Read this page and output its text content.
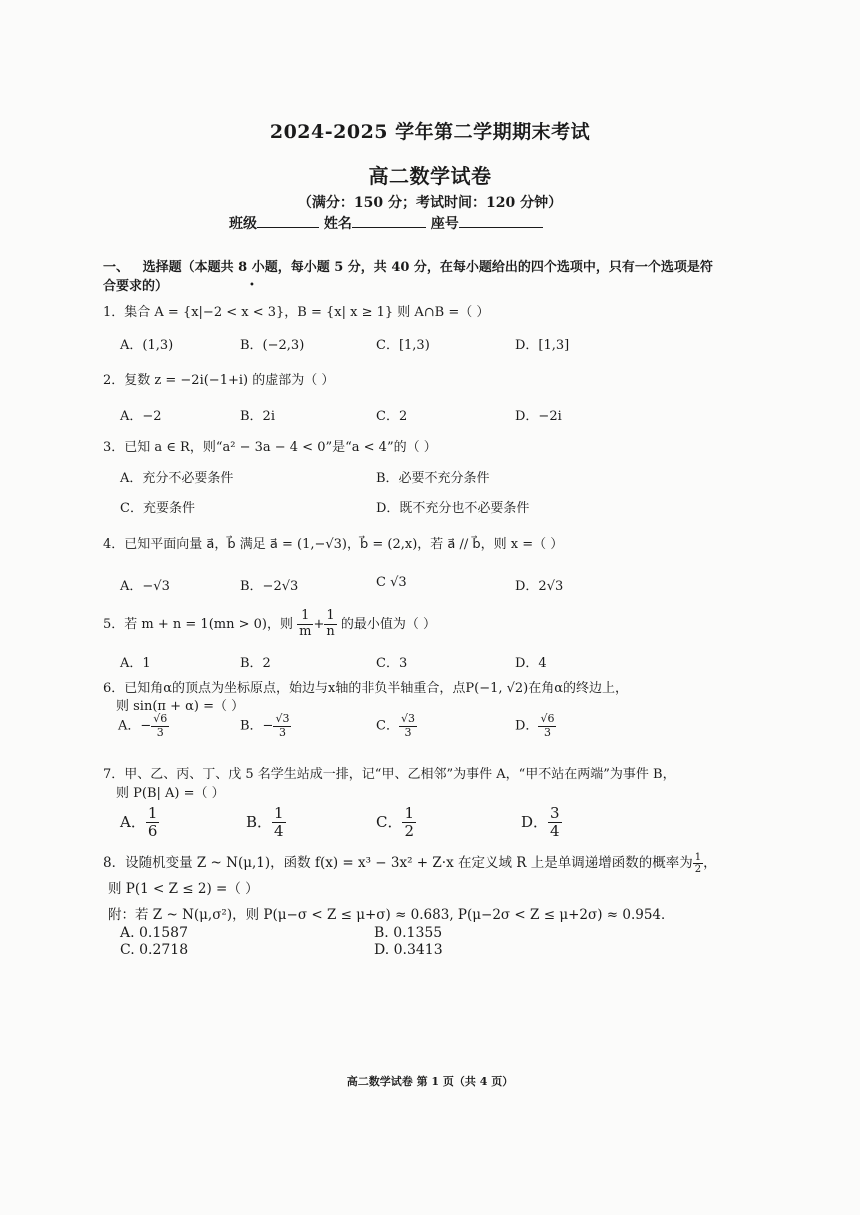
2024-2025 学年第二学期期末考试
高二数学试卷
（满分：150 分；考试时间：120 分钟）
班级	姓名	座号
一、 选择题（本题共 8 小题，每小题 5 分，共 40 分，在每小题给出的四个选项中，只有一个选项是符
合要求的）	•
1．集合 A = {x|−2 < x < 3}，B = {x| x ≥ 1} 则 A∩B =（ ）
A．(1,3)	B．(−2,3)	C．[1,3)	D．[1,3]
2．复数 z = −2i(−1+i) 的虚部为（ ）
A．−2	B．2i	C．2	D．−2i
3．已知 a ∈ R，则“a² − 3a − 4 < 0”是“a < 4”的（ ）
A．充分不必要条件	B．必要不充分条件
C．充要条件	D．既不充分也不必要条件
4．已知平面向量 a⃗，b⃗ 满足 a⃗ = (1,−√3)，b⃗ = (2,x)，若 a⃗ // b⃗，则 x =（ ）
A．−√3	B．−2√3	C √3	D．2√3
5．若 m + n = 1(mn > 0)，则 $\frac{1}{m} + \frac{1}{n}$ 的最小值为（ ）
A．1	B．2	C．3	D．4
6．已知角α的顶点为坐标原点，始边与x轴的非负半轴重合，点P(−1, √2)在角α的终边上，
则 sin(π + α) =（ ）
A．− $\frac{√6}{3}$	B．− $\frac{√3}{3}$	C． $\frac{√3}{3}$	D． $\frac{√6}{3}$
7．甲、乙、丙、丁、戊 5 名学生站成一排，记“甲、乙相邻”为事件 A，“甲不站在两端”为事件 B，
则 P(B| A) =（ ）
A． $\frac{1}{6}$	B． $\frac{1}{4}$	C． $\frac{1}{2}$	D． $\frac{3}{4}$
8．设随机变量 Z ~ N(μ,1)，函数 f(x) = x³ − 3x² + Z·x 在定义域 R 上是单调递增函数的概率为 $\frac{1}{2}$ ，
则 P(1 < Z ≤ 2) =（ ）
附：若 Z ~ N(μ,σ²)，则 P(μ−σ < Z ≤ μ+σ) ≈ 0.683, P(μ−2σ < Z ≤ μ+2σ) ≈ 0.954．
A. 0.1587	B. 0.1355
C. 0.2718	D. 0.3413
高二数学试卷 第 1 页（共 4 页）
